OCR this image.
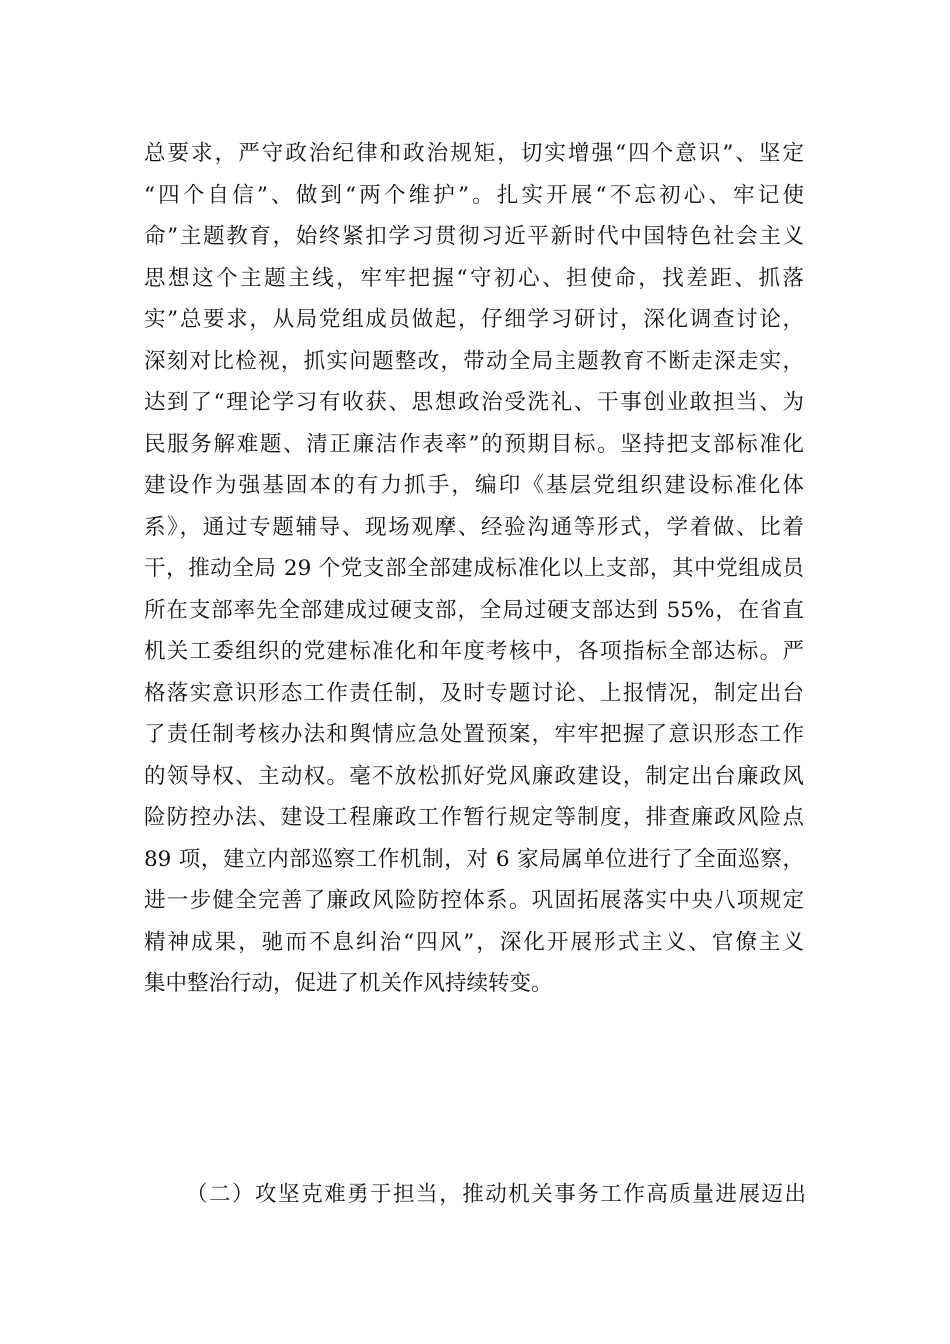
总要求，严守政治纪律和政治规矩，切实增强“四个意识”、坚定
“四个自信”、做到“两个维护”。扎实开展“不忘初心、牢记使
命”主题教育，始终紧扣学习贯彻习近平新时代中国特色社会主义
思想这个主题主线，牢牢把握“守初心、担使命，找差距、抓落
实”总要求，从局党组成员做起，仔细学习研讨，深化调查讨论，
深刻对比检视，抓实问题整改，带动全局主题教育不断走深走实，
达到了“理论学习有收获、思想政治受洗礼、干事创业敢担当、为
民服务解难题、清正廉洁作表率”的预期目标。坚持把支部标准化
建设作为强基固本的有力抓手，编印《基层党组织建设标准化体
系》，通过专题辅导、现场观摩、经验沟通等形式，学着做、比着
干，推动全局 29 个党支部全部建成标准化以上支部，其中党组成员
所在支部率先全部建成过硬支部，全局过硬支部达到 55%，在省直
机关工委组织的党建标准化和年度考核中，各项指标全部达标。严
格落实意识形态工作责任制，及时专题讨论、上报情况，制定出台
了责任制考核办法和舆情应急处置预案，牢牢把握了意识形态工作
的领导权、主动权。毫不放松抓好党风廉政建设，制定出台廉政风
险防控办法、建设工程廉政工作暂行规定等制度，排查廉政风险点
89 项，建立内部巡察工作机制，对 6 家局属单位进行了全面巡察，
进一步健全完善了廉政风险防控体系。巩固拓展落实中央八项规定
精神成果，驰而不息纠治“四风”，深化开展形式主义、官僚主义
集中整治行动，促进了机关作风持续转变。
（二）攻坚克难勇于担当，推动机关事务工作高质量进展迈出
